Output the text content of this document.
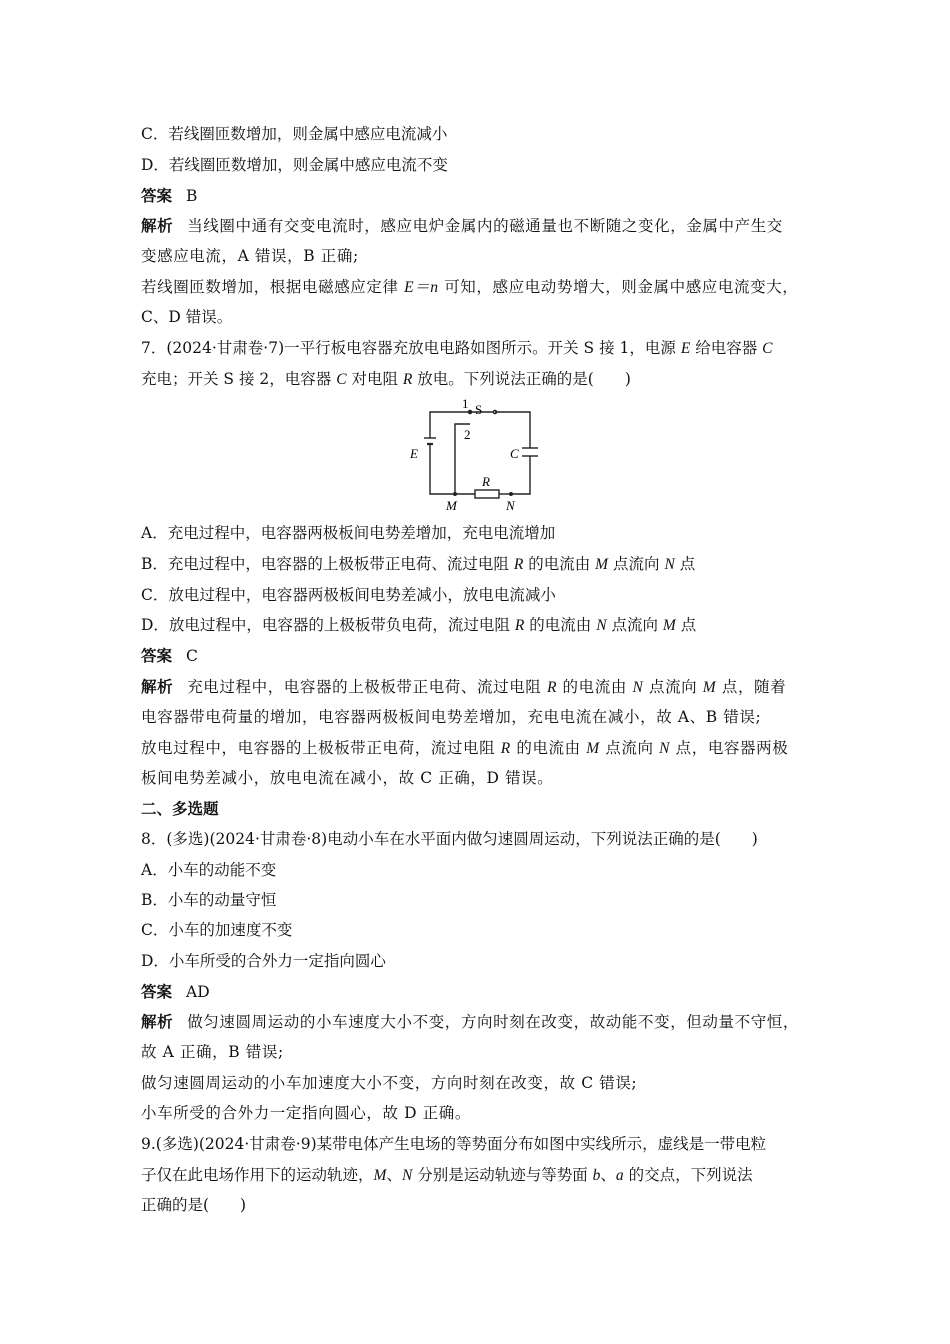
C．若线圈匝数增加，则金属中感应电流减小
D．若线圈匝数增加，则金属中感应电流不变
答案 B
解析 当线圈中通有交变电流时，感应电炉金属内的磁通量也不断随之变化，金属中产生交
变感应电流，A 错误，B 正确;
若线圈匝数增加，根据电磁感应定律 E＝n 可知，感应电动势增大，则金属中感应电流变大，
C、D 错误。
7．(2024·甘肃卷·7)一平行板电容器充放电电路如图所示。开关 S 接 1，电源 E 给电容器 C
充电；开关 S 接 2，电容器 C 对电阻 R 放电。下列说法正确的是(　　)
1 S
2
E	C
R
M	N
A．充电过程中，电容器两极板间电势差增加，充电电流增加
B．充电过程中，电容器的上极板带正电荷、流过电阻 R 的电流由 M 点流向 N 点
C．放电过程中，电容器两极板间电势差减小，放电电流减小
D．放电过程中，电容器的上极板带负电荷，流过电阻 R 的电流由 N 点流向 M 点
答案 C
解析 充电过程中，电容器的上极板带正电荷、流过电阻 R 的电流由 N 点流向 M 点，随着
电容器带电荷量的增加，电容器两极板间电势差增加，充电电流在减小，故 A、B 错误;
放电过程中，电容器的上极板带正电荷，流过电阻 R 的电流由 M 点流向 N 点，电容器两极
板间电势差减小，放电电流在减小，故 C 正确，D 错误。
二、多选题
8．(多选)(2024·甘肃卷·8)电动小车在水平面内做匀速圆周运动，下列说法正确的是(　　)
A．小车的动能不变
B．小车的动量守恒
C．小车的加速度不变
D．小车所受的合外力一定指向圆心
答案 AD
解析 做匀速圆周运动的小车速度大小不变，方向时刻在改变，故动能不变，但动量不守恒，
故 A 正确，B 错误;
做匀速圆周运动的小车加速度大小不变，方向时刻在改变，故 C 错误;
小车所受的合外力一定指向圆心，故 D 正确。
9.(多选)(2024·甘肃卷·9)某带电体产生电场的等势面分布如图中实线所示，虚线是一带电粒
子仅在此电场作用下的运动轨迹，M、N 分别是运动轨迹与等势面 b、a 的交点，下列说法
正确的是(　　)
